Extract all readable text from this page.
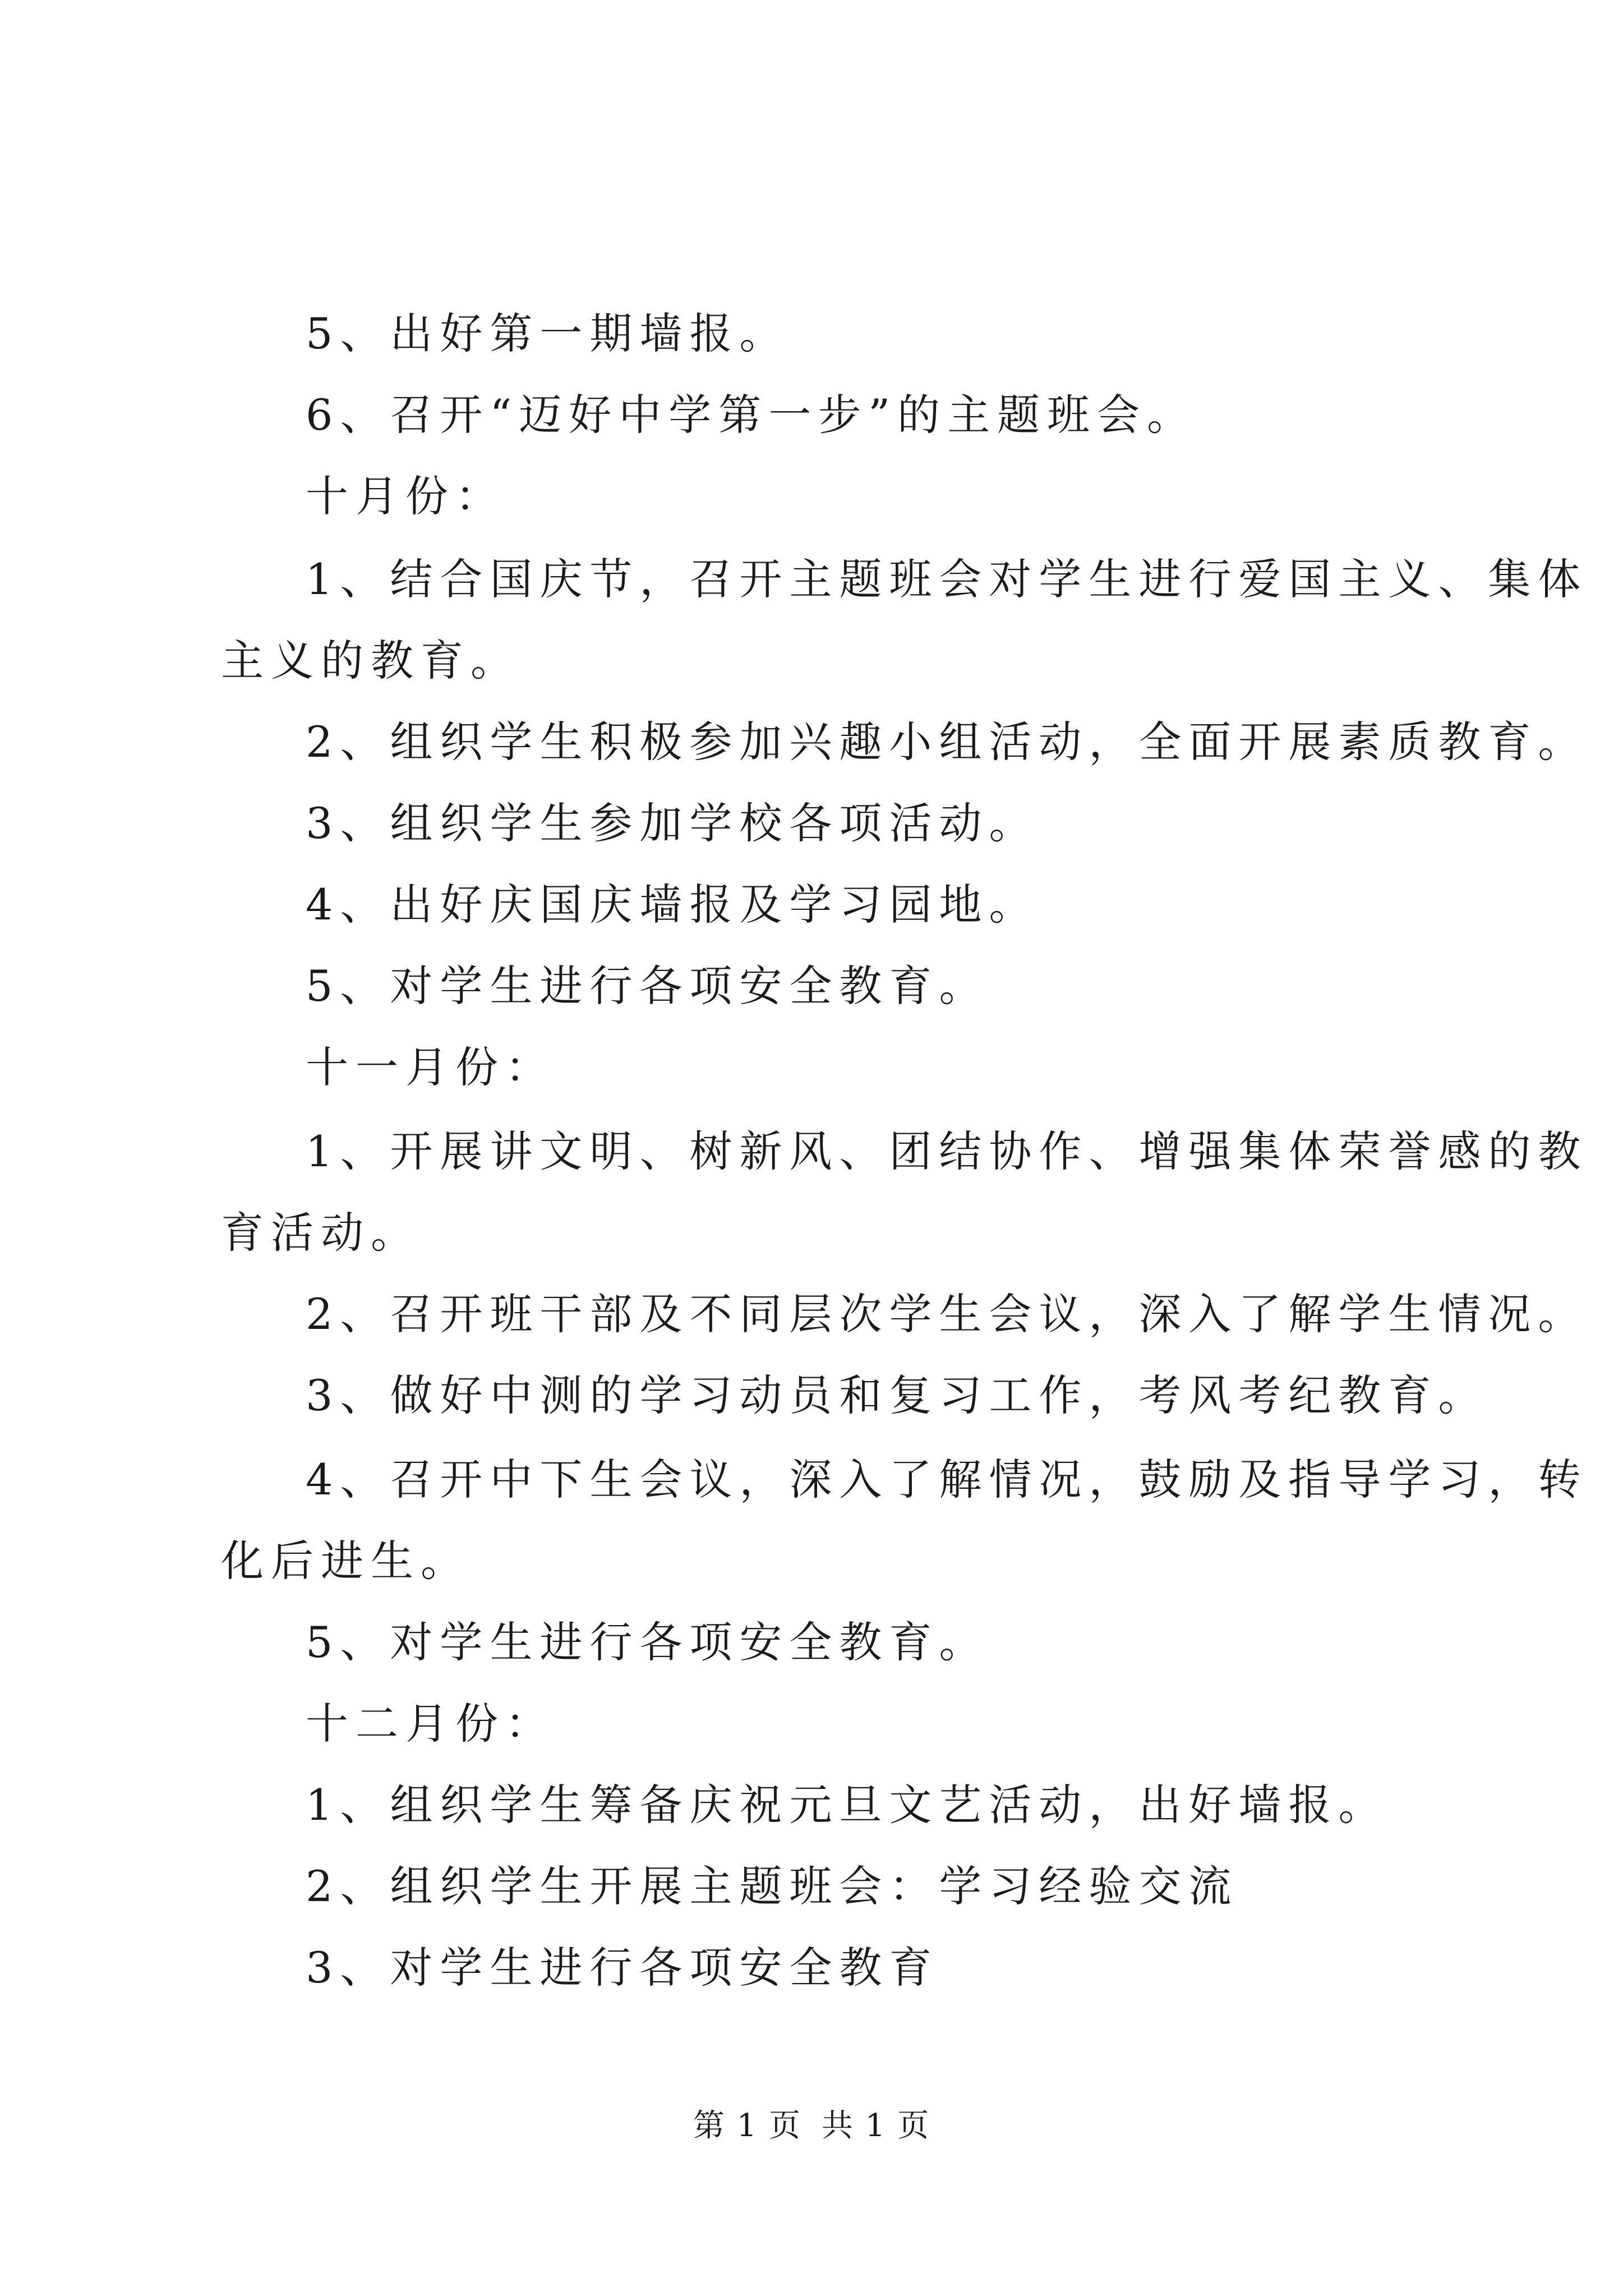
5、出好第一期墙报。
6、召开“迈好中学第一步”的主题班会。
十月份：
1、结合国庆节，召开主题班会对学生进行爱国主义、集体
主义的教育。
2、组织学生积极参加兴趣小组活动，全面开展素质教育。
3、组织学生参加学校各项活动。
4、出好庆国庆墙报及学习园地。
5、对学生进行各项安全教育。
十一月份：
1、开展讲文明、树新风、团结协作、增强集体荣誉感的教
育活动。
2、召开班干部及不同层次学生会议，深入了解学生情况。
3、做好中测的学习动员和复习工作，考风考纪教育。
4、召开中下生会议，深入了解情况，鼓励及指导学习，转
化后进生。
5、对学生进行各项安全教育。
十二月份：
1、组织学生筹备庆祝元旦文艺活动，出好墙报。
2、组织学生开展主题班会：学习经验交流
3、对学生进行各项安全教育
第 1 页 共 1 页
